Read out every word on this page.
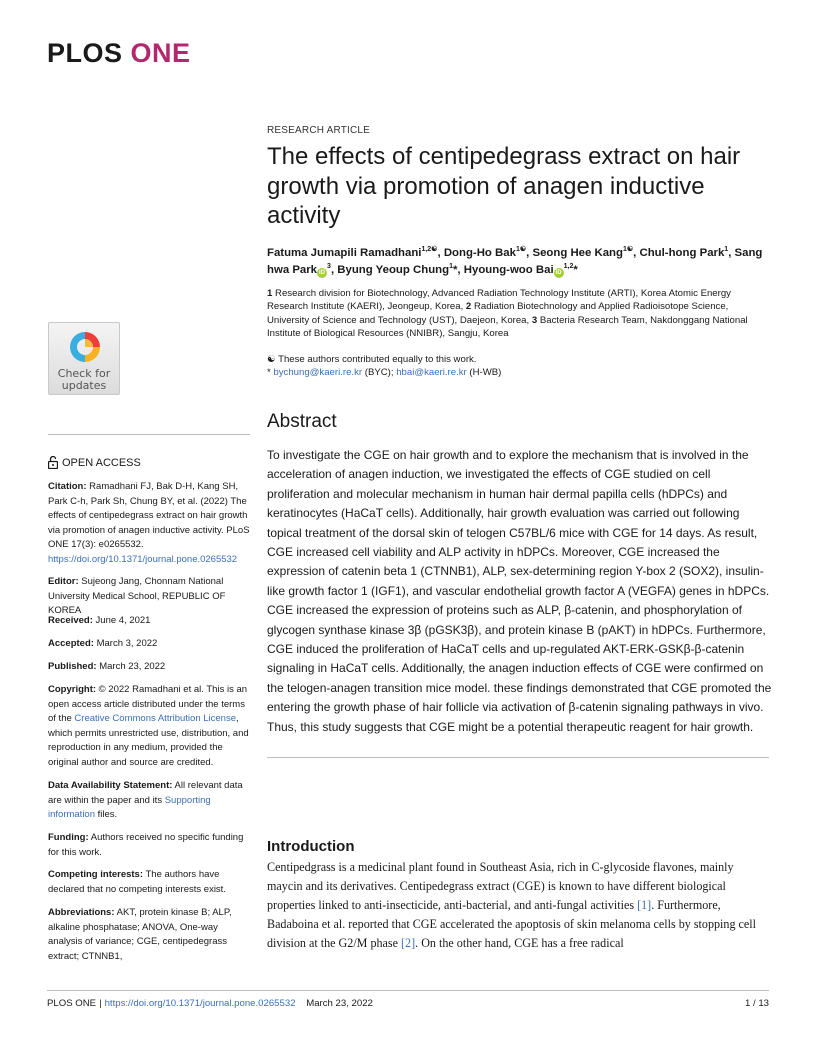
PLOS ONE
Check for
updates
OPEN ACCESS
Citation: Ramadhani FJ, Bak D-H, Kang SH, Park C-h, Park Sh, Chung BY, et al. (2022) The effects of centipedegrass extract on hair growth via promotion of anagen inductive activity. PLoS ONE 17(3): e0265532. https://doi.org/10.1371/journal.pone.0265532
Editor: Sujeong Jang, Chonnam National University Medical School, REPUBLIC OF KOREA
Received: June 4, 2021
Accepted: March 3, 2022
Published: March 23, 2022
Copyright: © 2022 Ramadhani et al. This is an open access article distributed under the terms of the Creative Commons Attribution License, which permits unrestricted use, distribution, and reproduction in any medium, provided the original author and source are credited.
Data Availability Statement: All relevant data are within the paper and its Supporting information files.
Funding: Authors received no specific funding for this work.
Competing interests: The authors have declared that no competing interests exist.
Abbreviations: AKT, protein kinase B; ALP, alkaline phosphatase; ANOVA, One-way analysis of variance; CGE, centipedegrass extract; CTNNB1,
RESEARCH ARTICLE
The effects of centipedegrass extract on hair growth via promotion of anagen inductive activity
Fatuma Jumapili Ramadhani$^{1,2☯}$, Dong-Ho Bak$^{1☯}$, Seong Hee Kang$^{1☯}$, Chul-hong Park$^1$, Sang hwa Park $iD^3$, Byung Yeoup Chung$^1$*, Hyoung-woo Bai iD$^{1,2}$*
1 Research division for Biotechnology, Advanced Radiation Technology Institute (ARTI), Korea Atomic Energy Research Institute (KAERI), Jeongeup, Korea, 2 Radiation Biotechnology and Applied Radioisotope Science, University of Science and Technology (UST), Daejeon, Korea, 3 Bacteria Research Team, Nakdonggang National Institute of Biological Resources (NNIBR), Sangju, Korea
☯ These authors contributed equally to this work.
* bychung@kaeri.re.kr (BYC); hbai@kaeri.re.kr (H-WB)
Abstract

To investigate the CGE on hair growth and to explore the mechanism that is involved in the acceleration of anagen induction, we investigated the effects of CGE studied on cell proliferation and molecular mechanism in human hair dermal papilla cells (hDPCs) and keratinocytes (HaCaT cells). Additionally, hair growth evaluation was carried out following topical treatment of the dorsal skin of telogen C57BL/6 mice with CGE for 14 days. As result, CGE increased cell viability and ALP activity in hDPCs. Moreover, CGE increased the expression of catenin beta 1 (CTNNB1), ALP, sex-determining region Y-box 2 (SOX2), insulin-like growth factor 1 (IGF1), and vascular endothelial growth factor A (VEGFA) genes in hDPCs. CGE increased the expression of proteins such as ALP, β-catenin, and phosphorylation of glycogen synthase kinase 3β (pGSK3β), and protein kinase B (pAKT) in hDPCs. Furthermore, CGE induced the proliferation of HaCaT cells and up-regulated AKT-ERK-GSKβ-β-catenin signaling in HaCaT cells. Additionally, the anagen induction effects of CGE were confirmed on the telogen-anagen transition mice model. these findings demonstrated that CGE promoted the entering the growth phase of hair follicle via activation of β-catenin signaling pathways in vivo. Thus, this study suggests that CGE might be a potential therapeutic reagent for hair growth.

Introduction

Centipedgrass is a medicinal plant found in Southeast Asia, rich in C-glycoside flavones, mainly maycin and its derivatives. Centipedegrass extract (CGE) is known to have different biological properties linked to anti-insecticide, anti-bacterial, and anti-fungal activities [1]. Furthermore, Badaboina et al. reported that CGE accelerated the apoptosis of skin melanoma cells by stopping cell division at the G2/M phase [2]. On the other hand, CGE has a free radical

PLOS ONE | https://doi.org/10.1371/journal.pone.0265532 March 23, 2022	1 / 13
